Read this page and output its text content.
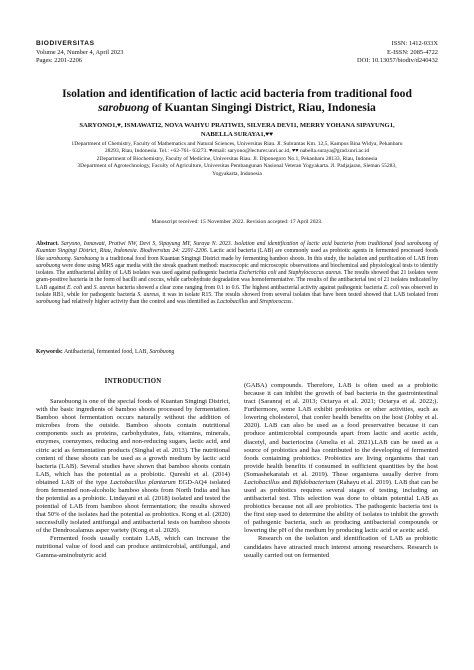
BIODIVERSITAS
Volume 24, Number 4, April 2023
Pages: 2201-2206
ISSN: 1412-033X
E-ISSN: 2085-4722
DOI: 10.13057/biodiv/d240432
Isolation and identification of lactic acid bacteria from traditional food
sarobuong of Kuantan Singingi District, Riau, Indonesia
SARYONO1,♥, ISMAWATI2, NOVA WAHYU PRATIWI3, SILVERA DEVI1, MERRY YOHANA SIPAYUNG1,
NABELLA SURAYA1,♥♥
1Department of Chemistry, Faculty of Mathematics and Natural Sciences, Universitas Riau. Jl. Subrantas Km. 12,5, Kampus Bina Widya, Pekanbaru
28293, Riau, Indonesia. Tel.: +62-761- 63273. ♥email: saryono@lecturer.unri.ac.id, ♥♥ nabella.suraya@grad.unri.ac.id
2Department of Biochemistry, Faculty of Medicine, Universitas Riau. Jl. Diponegoro No.1, Pekanbaru 28133, Riau, Indonesia
3Department of Agrotechnology, Faculty of Agriculture, Universitas Pembangunan Nasional Veteran Yogyakarta. Jl. Padjajaran, Sleman 55283,
Yogyakarta, Indonesia
Manuscript received: 15 November 2022. Revision accepted: 17 April 2023.
Abstract. Saryono, Ismawati, Pratiwi NW, Devi S, Sipayung MY, Suraya N. 2023. Isolation and identification of lactic acid bacteria from traditional food sarobuong of Kuantan Singingi District, Riau, Indonesia. Biodiversitas 24: 2201-2206. Lactic acid bacteria (LAB) are commonly used as probiotic agents in fermented processed foods like sarobuong. Sarobuong is a traditional food from Kuantan Singingi District made by fermenting bamboo shoots. In this study, the isolation and purification of LAB from sarobuong were done using MRS agar media with the streak quadrant method: macroscopic and microscopic observations and biochemical and physiological tests to identify isolates. The antibacterial ability of LAB isolates was used against pathogenic bacteria Escherichia coli and Staphylococcus aureus. The results showed that 21 isolates were gram-positive bacteria in the form of bacilli and coccus, while carbohydrate degradation was homofermentative. The results of the antibacterial test of 21 isolates indicated by LAB against E. coli and S. aureus bacteria showed a clear zone ranging from 0.1 to 0.6. The highest antibacterial activity against pathogenic bacteria E. coli was observed in isolate RB1, while for pathogenic bacteria S. aureus, it was in isolate R15. The results showed from several isolates that have been tested showed that LAB isolated from sarobuong had relatively higher activity than the control and was identified as Lactobacillus and Streptococcus.
Keywords: Antibacterial, fermented food, LAB, Sarobuong
INTRODUCTION

Saraobuong is one of the special foods of Kuantan Singingi District, with the basic ingredients of bamboo shoots processed by fermentation. Bamboo shoot fermentation occurs naturally without the addition of microbes from the outside. Bamboo shoots contain nutritional components such as proteins, carbohydrates, fats, vitamins, minerals, enzymes, coenzymes, reducing and non-reducing sugars, lactic acid, and citric acid as fermentation products (Singhal et al. 2013). The nutritional content of these shoots can be used as a growth medium by lactic acid bacteria (LAB). Several studies have shown that bamboo shoots contain LAB, which has the potential as a probiotic. Qureshi et al. (2014) obtained LAB of the type Lactobacillus plantarum EGD-AQ4 isolated from fermented non-alcoholic bamboo shoots from North India and has the potential as a probiotic. Lindayani et al. (2018) isolated and tested the potential of LAB from bamboo shoot fermentation; the results showed that 50% of the isolates had the potential as probiotics. Kong et al. (2020) successfully isolated antifungal and antibacterial tests on bamboo shoots of the Dendrocalamus asper variety (Kong et al. 2020).

Fermented foods usually contain LAB, which can increase the nutritional value of food and can produce antimicrobial, antifungal, and Gamma-aminobutyric acid

(GABA) compounds. Therefore, LAB is often used as a probiotic because it can inhibit the growth of bad bacteria in the gastrointestinal tract (Saranraj et al. 2013; Octarya et al. 2021; Octarya et al. 2022;). Furthermore, some LAB exhibit probiotics or other activities, such as lowering cholesterol, that confer health benefits on the host (Jobby et al. 2020). LAB can also be used as a food preservative because it can produce antimicrobial compounds apart from lactic and acetic acids, diacetyl, and bacteriocins (Amelia et al. 2021).LAB can be used as a source of probiotics and has contributed to the developing of fermented foods containing probiotics. Probiotics are living organisms that can provide health benefits if consumed in sufficient quantities by the host (Somashekaraiah et al. 2019). These organisms usually derive from Lactobacillus and Bifidobacterium (Rahayu et al. 2019). LAB that can be used as probiotics requires several stages of testing, including an antibacterial test. This selection was done to obtain potential LAB as probiotics because not all are probiotics. The pathogenic bacteria test is the first step used to determine the ability of isolates to inhibit the growth of pathogenic bacteria, such as producing antibacterial compounds or lowering the pH of the medium by producing lactic acid or acetic acid.

Research on the isolation and identification of LAB as probiotic candidates have attracted much interest among researchers. Research is usually carried out on fermented
